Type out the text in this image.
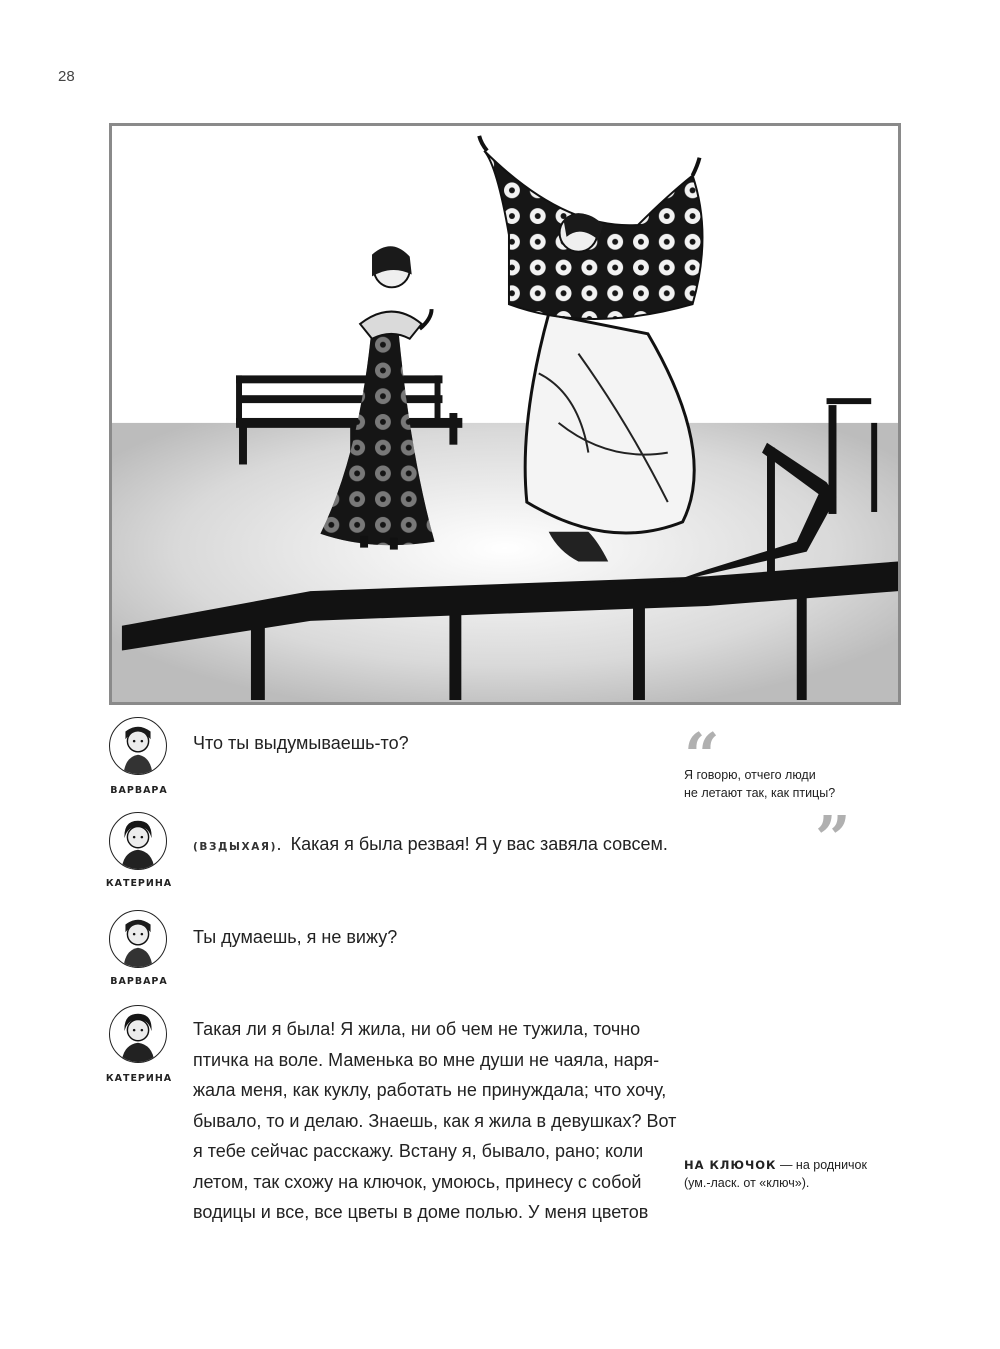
28
ВАРВАРА
Что ты выдумываешь-то?
КАТЕРИНА
(ВЗДЫХАЯ). Какая я была резвая! Я у вас завяла совсем.
ВАРВАРА
Ты думаешь, я не вижу?
КАТЕРИНА
Такая ли я была! Я жила, ни об чем не тужила, точно
птичка на воле. Маменька во мне души не чаяла, наря-
жала меня, как куклу, работать не принуждала; что хочу,
бывало, то и делаю. Знаешь, как я жила в девушках? Вот
я тебе сейчас расскажу. Встану я, бывало, рано; коли
летом, так схожу на ключок, умоюсь, принесу с собой
водицы и все, все цветы в доме полью. У меня цветов
“
Я говорю, отчего люди
не летают так, как птицы?
”
НА КЛЮЧОК — на родничок
(ум.-ласк. от «ключ»).
